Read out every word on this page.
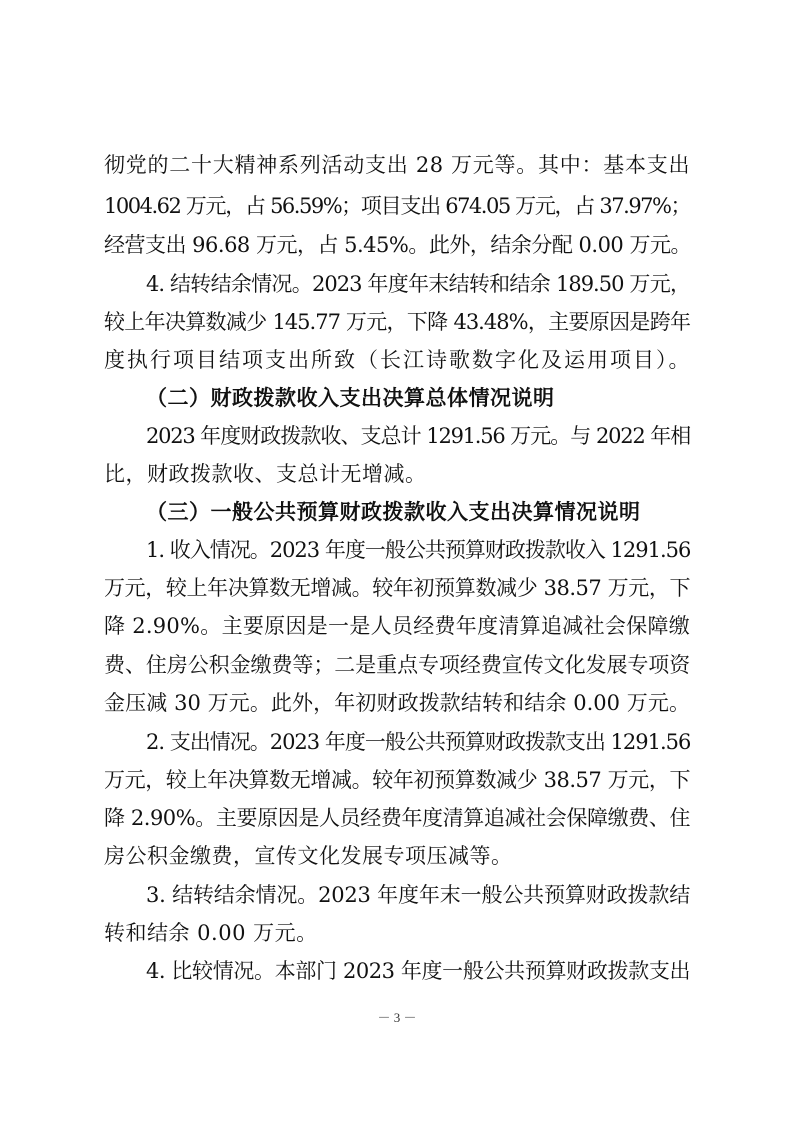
彻党的二十大精神系列活动支出 28 万元等。其中：基本支出
1004.62 万元，占 56.59%；项目支出 674.05 万元，占 37.97%；
经营支出 96.68 万元，占 5.45%。此外，结余分配 0.00 万元。
4. 结转结余情况。2023 年度年末结转和结余 189.50 万元，
较上年决算数减少 145.77 万元，下降 43.48%，主要原因是跨年
度执行项目结项支出所致（长江诗歌数字化及运用项目）。
（二）财政拨款收入支出决算总体情况说明
2023 年度财政拨款收、支总计 1291.56 万元。与 2022 年相
比，财政拨款收、支总计无增减。
（三）一般公共预算财政拨款收入支出决算情况说明
1. 收入情况。2023 年度一般公共预算财政拨款收入 1291.56
万元，较上年决算数无增减。较年初预算数减少 38.57 万元，下
降 2.90%。主要原因是一是人员经费年度清算追减社会保障缴
费、住房公积金缴费等；二是重点专项经费宣传文化发展专项资
金压减 30 万元。此外，年初财政拨款结转和结余 0.00 万元。
2. 支出情况。2023 年度一般公共预算财政拨款支出 1291.56
万元，较上年决算数无增减。较年初预算数减少 38.57 万元，下
降 2.90%。主要原因是人员经费年度清算追减社会保障缴费、住
房公积金缴费，宣传文化发展专项压减等。
3. 结转结余情况。2023 年度年末一般公共预算财政拨款结
转和结余 0.00 万元。
4. 比较情况。本部门 2023 年度一般公共预算财政拨款支出
－ 3 －
